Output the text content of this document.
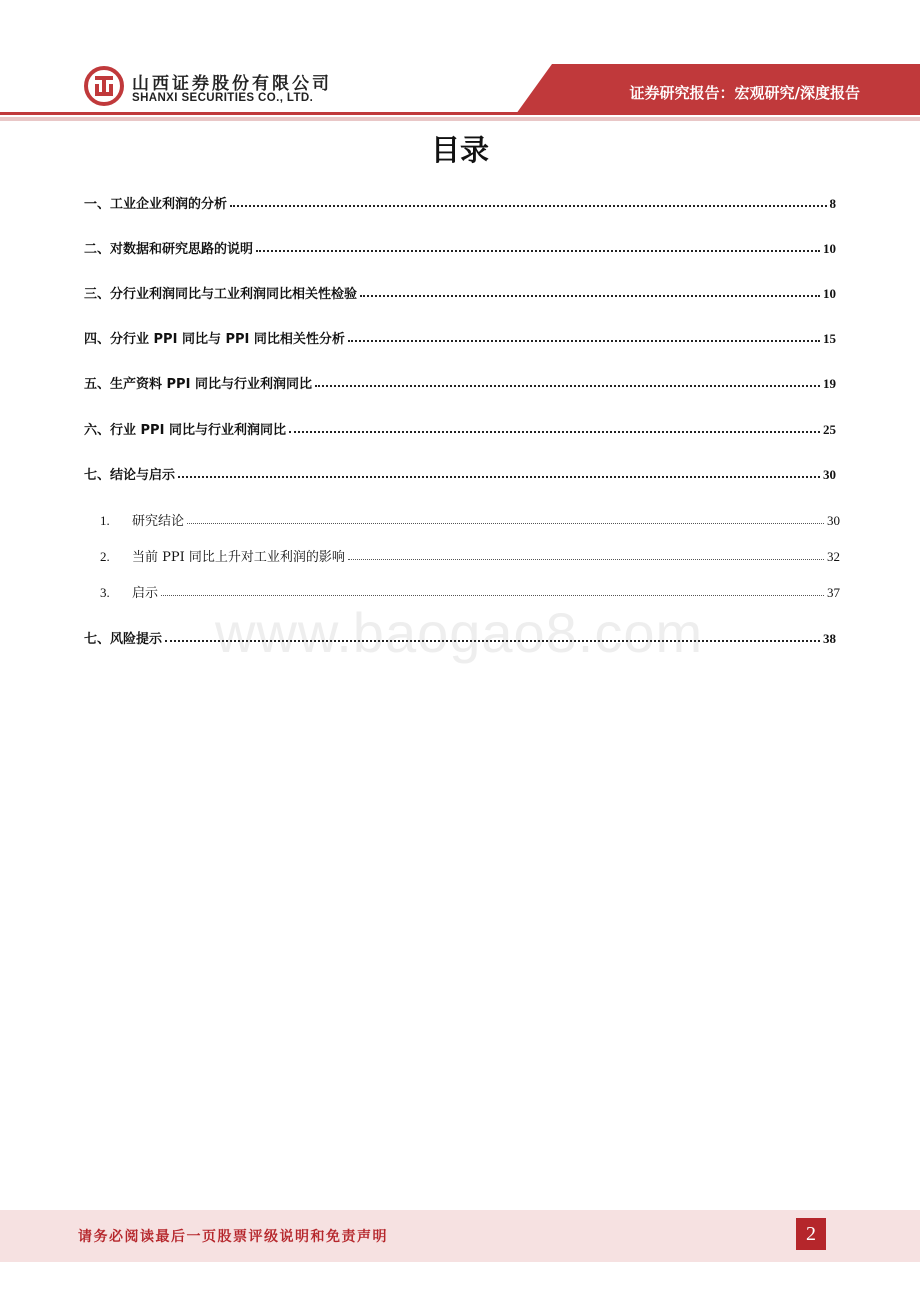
山西证券股份有限公司
SHANXI SECURITIES CO., LTD.	证券研究报告：宏观研究/深度报告
目录
一、工业企业利润的分析	8
二、对数据和研究思路的说明	10
三、分行业利润同比与工业利润同比相关性检验	10
四、分行业 PPI 同比与 PPI 同比相关性分析	15
五、生产资料 PPI 同比与行业利润同比	19
六、行业 PPI 同比与行业利润同比	25
七、结论与启示	30
1.	研究结论	30
2.	当前 PPI 同比上升对工业利润的影响	32
3.	启示	37
七、风险提示	38
www.baogao8.com
请务必阅读最后一页股票评级说明和免责声明	2
